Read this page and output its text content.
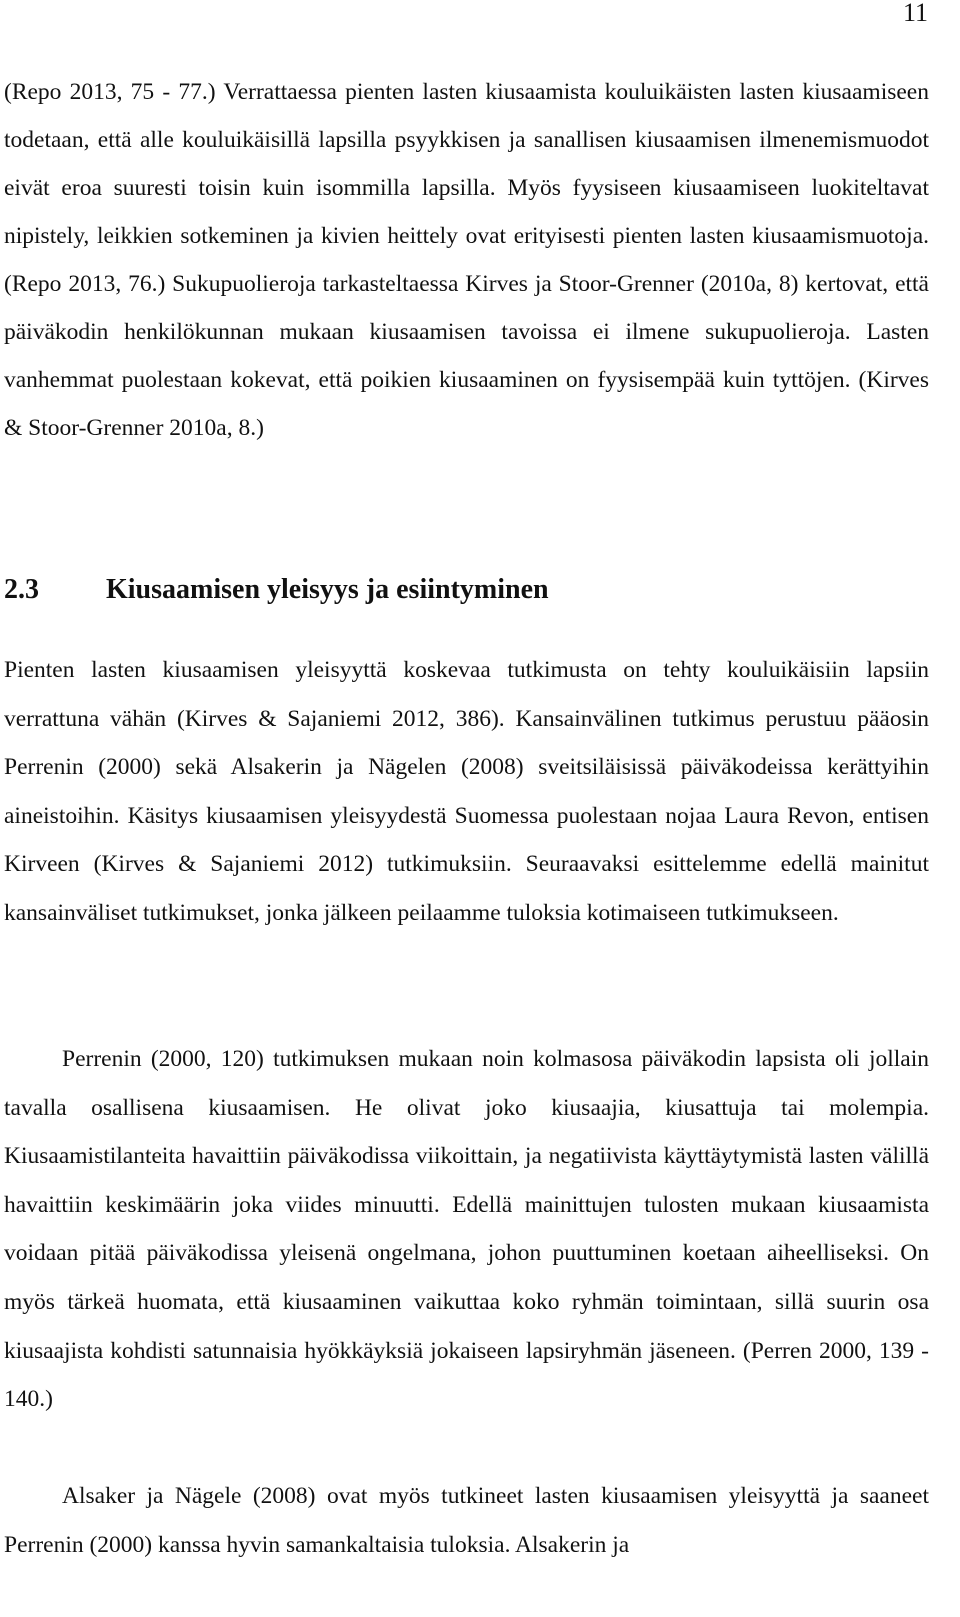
11

(Repo 2013, 75 - 77.) Verrattaessa pienten lasten kiusaamista kouluikäisten lasten kiusaamiseen todetaan, että alle kouluikäisillä lapsilla psyykkisen ja sanallisen kiusaamisen ilmenemismuodot eivät eroa suuresti toisin kuin isommilla lapsilla. Myös fyysiseen kiusaamiseen luokiteltavat nipistely, leikkien sotkeminen ja kivien heittely ovat erityisesti pienten lasten kiusaamismuotoja. (Repo 2013, 76.) Sukupuolieroja tarkasteltaessa Kirves ja Stoor-Grenner (2010a, 8) kertovat, että päiväkodin henkilökunnan mukaan kiusaamisen tavoissa ei ilmene sukupuolieroja. Lasten vanhemmat puolestaan kokevat, että poikien kiusaaminen on fyysisempää kuin tyttöjen. (Kirves & Stoor-Grenner 2010a, 8.)

2.3 Kiusaamisen yleisyys ja esiintyminen

Pienten lasten kiusaamisen yleisyyttä koskevaa tutkimusta on tehty kouluikäisiin lapsiin verrattuna vähän (Kirves & Sajaniemi 2012, 386). Kansainvälinen tutkimus perustuu pääosin Perrenin (2000) sekä Alsakerin ja Nägelen (2008) sveitsiläisissä päiväkodeissa kerättyihin aineistoihin. Käsitys kiusaamisen yleisyydestä Suomessa puolestaan nojaa Laura Revon, entisen Kirveen (Kirves & Sajaniemi 2012) tutkimuksiin. Seuraavaksi esittelemme edellä mainitut kansainväliset tutkimukset, jonka jälkeen peilaamme tuloksia kotimaiseen tutkimukseen.

Perrenin (2000, 120) tutkimuksen mukaan noin kolmasosa päiväkodin lapsista oli jollain tavalla osallisena kiusaamisen. He olivat joko kiusaajia, kiusattuja tai molempia. Kiusaamistilanteita havaittiin päiväkodissa viikoittain, ja negatiivista käyttäytymistä lasten välillä havaittiin keskimäärin joka viides minuutti. Edellä mainittujen tulosten mukaan kiusaamista voidaan pitää päiväkodissa yleisenä ongelmana, johon puuttuminen koetaan aiheelliseksi. On myös tärkeä huomata, että kiusaaminen vaikuttaa koko ryhmän toimintaan, sillä suurin osa kiusaajista kohdisti satunnaisia hyökkäyksiä jokaiseen lapsiryhmän jäseneen. (Perren 2000, 139 - 140.)

Alsaker ja Nägele (2008) ovat myös tutkineet lasten kiusaamisen yleisyyttä ja saaneet Perrenin (2000) kanssa hyvin samankaltaisia tuloksia. Alsakerin ja
